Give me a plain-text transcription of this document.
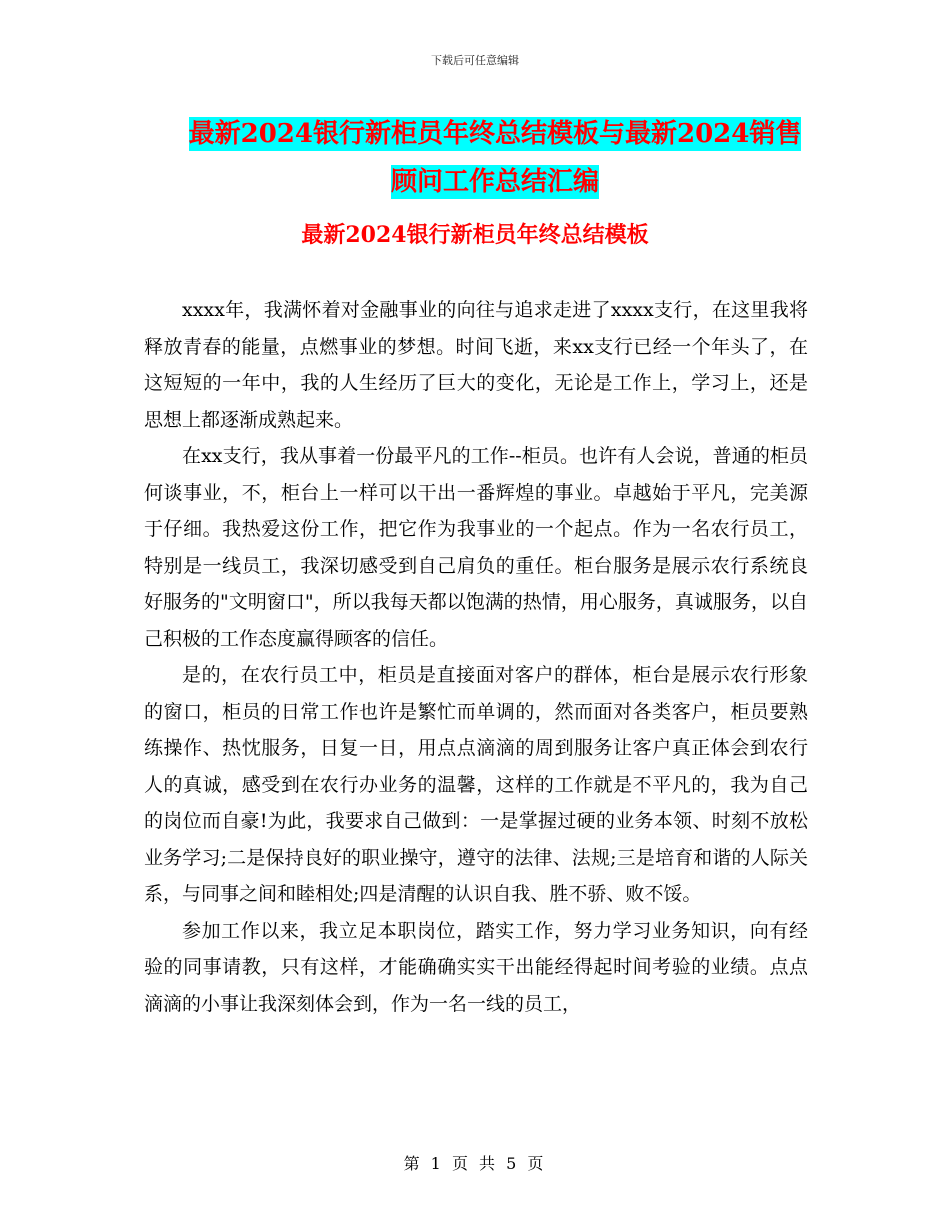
下载后可任意编辑
最新2024银行新柜员年终总结模板与最新2024销售
顾问工作总结汇编
最新2024银行新柜员年终总结模板

xxxx年，我满怀着对金融事业的向往与追求走进了xxxx支行，在这里我将释放青春的能量，点燃事业的梦想。时间飞逝，来xx支行已经一个年头了，在这短短的一年中，我的人生经历了巨大的变化，无论是工作上，学习上，还是思想上都逐渐成熟起来。

在xx支行，我从事着一份最平凡的工作--柜员。也许有人会说，普通的柜员何谈事业，不，柜台上一样可以干出一番辉煌的事业。卓越始于平凡，完美源于仔细。我热爱这份工作，把它作为我事业的一个起点。作为一名农行员工，特别是一线员工，我深切感受到自己肩负的重任。柜台服务是展示农行系统良好服务的"文明窗口"，所以我每天都以饱满的热情，用心服务，真诚服务，以自己积极的工作态度赢得顾客的信任。

是的，在农行员工中，柜员是直接面对客户的群体，柜台是展示农行形象的窗口，柜员的日常工作也许是繁忙而单调的，然而面对各类客户，柜员要熟练操作、热忱服务，日复一日，用点点滴滴的周到服务让客户真正体会到农行人的真诚，感受到在农行办业务的温馨，这样的工作就是不平凡的，我为自己的岗位而自豪!为此，我要求自己做到：一是掌握过硬的业务本领、时刻不放松业务学习;二是保持良好的职业操守，遵守的法律、法规;三是培育和谐的人际关系，与同事之间和睦相处;四是清醒的认识自我、胜不骄、败不馁。

参加工作以来，我立足本职岗位，踏实工作，努力学习业务知识，向有经验的同事请教，只有这样，才能确确实实干出能经得起时间考验的业绩。点点滴滴的小事让我深刻体会到，作为一名一线的员工，

第 1 页 共 5 页
